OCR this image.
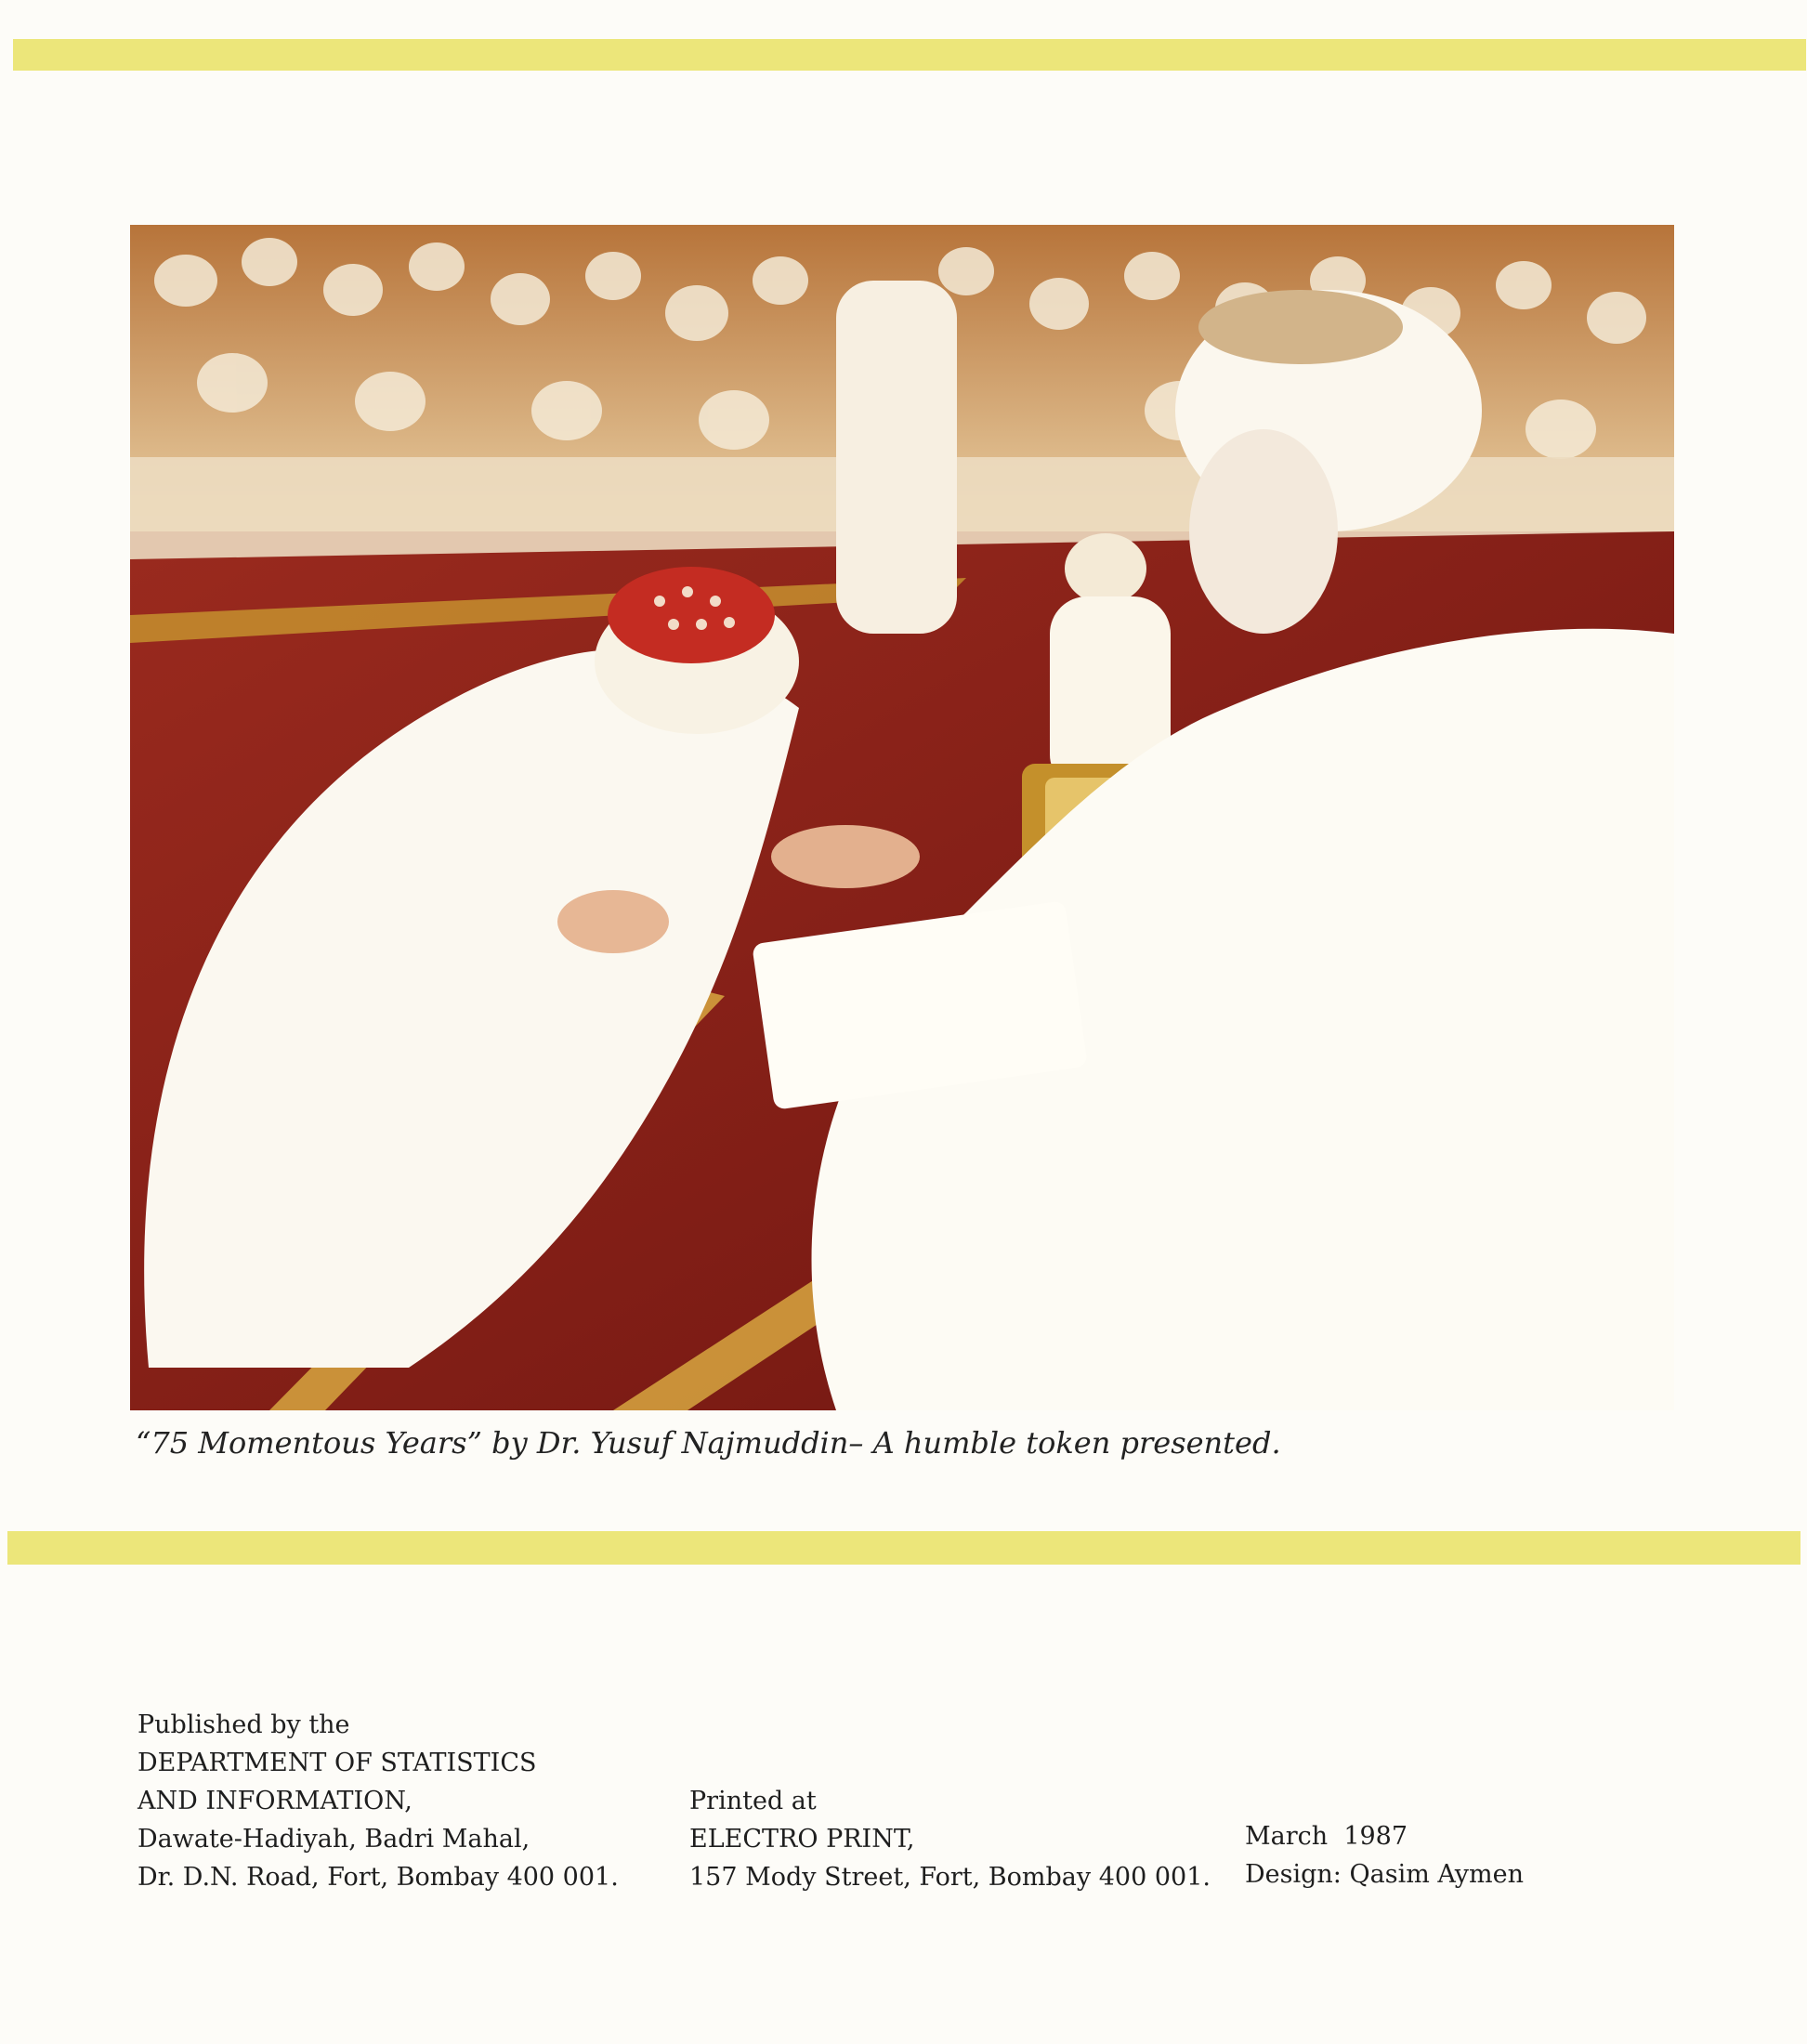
“75 Momentous Years” by Dr. Yusuf Najmuddin– A humble token presented.
Published by the
DEPARTMENT OF STATISTICS
AND INFORMATION,
Dawate-Hadiyah, Badri Mahal,
Dr. D.N. Road, Fort, Bombay 400 001.
Printed at
ELECTRO PRINT,
157 Mody Street, Fort, Bombay 400 001.
March  1987
Design: Qasim Aymen
